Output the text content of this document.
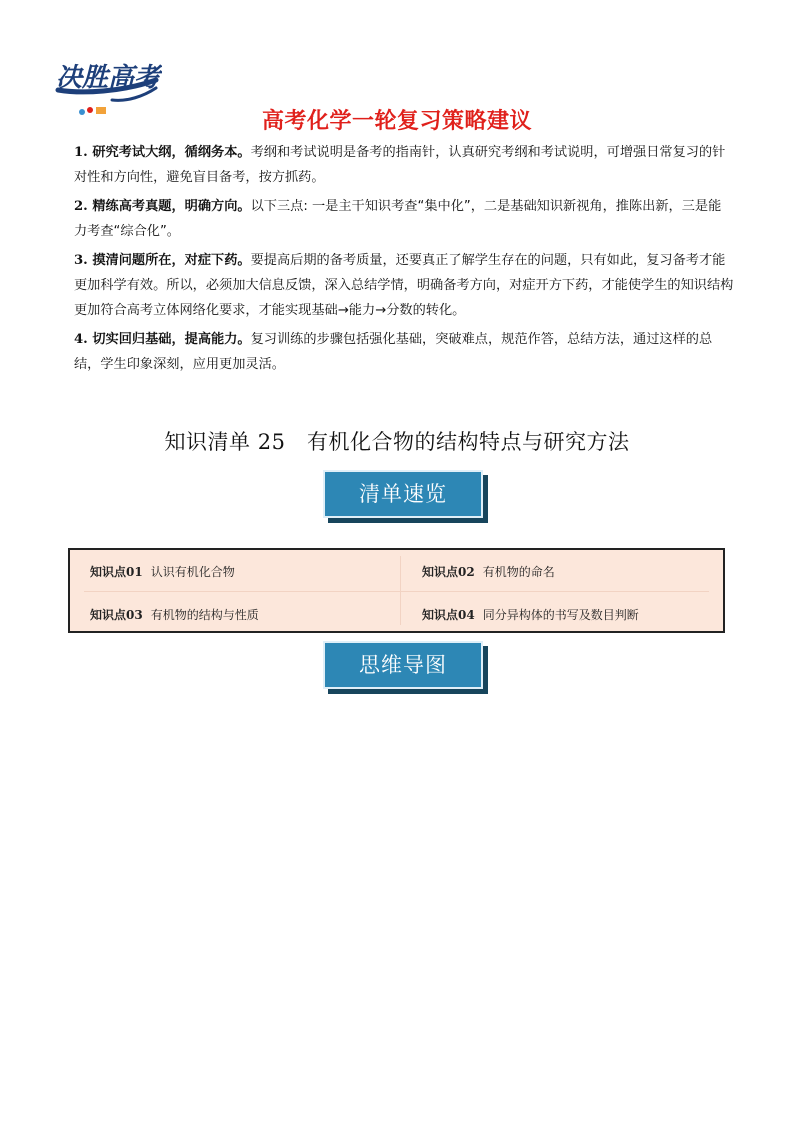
决胜高考
高考化学一轮复习策略建议

1. 研究考试大纲，循纲务本。考纲和考试说明是备考的指南针，认真研究考纲和考试说明，可增强日常复习的针对性和方向性，避免盲目备考，按方抓药。

2. 精练高考真题，明确方向。以下三点: 一是主干知识考查“集中化”，二是基础知识新视角，推陈出新，三是能力考查“综合化”。

3. 摸清问题所在，对症下药。要提高后期的备考质量，还要真正了解学生存在的问题，只有如此，复习备考才能更加科学有效。所以，必须加大信息反馈，深入总结学情，明确备考方向，对症开方下药，才能使学生的知识结构更加符合高考立体网络化要求，才能实现基础→能力→分数的转化。

4. 切实回归基础，提高能力。复习训练的步骤包括强化基础，突破难点，规范作答，总结方法，通过这样的总结，学生印象深刻，应用更加灵活。

知识清单 25　有机化合物的结构特点与研究方法
清单速览
知识点01 认识有机化合物	知识点02 有机物的命名
知识点03 有机物的结构与性质	知识点04 同分异构体的书写及数目判断
思维导图
